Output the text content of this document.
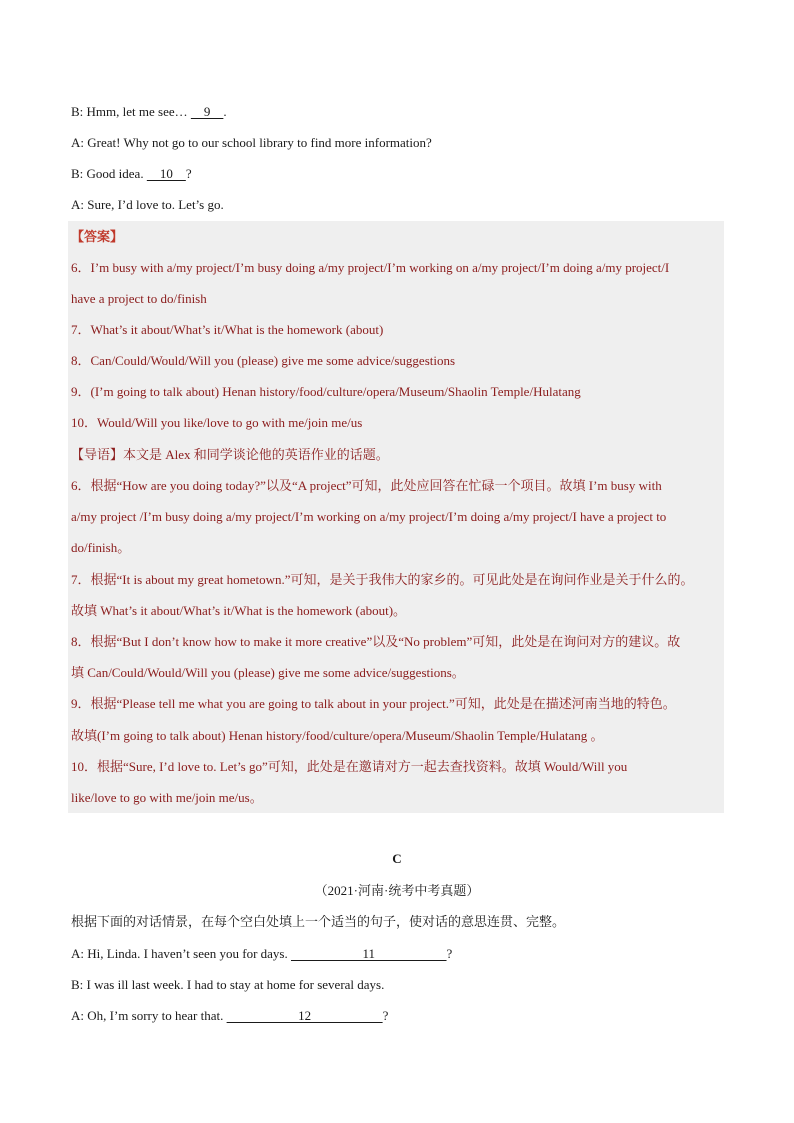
B: Hmm, let me see…     9    .
A: Great! Why not go to our school library to find more information?
B: Good idea.     10    ?
A: Sure, I’d love to. Let’s go.
【答案】
6．I’m busy with a/my project/I’m busy doing a/my project/I’m working on a/my project/I’m doing a/my project/I
have a project to do/finish
7．What’s it about/What’s it/What is the homework (about)
8．Can/Could/Would/Will you (please) give me some advice/suggestions
9．(I’m going to talk about) Henan history/food/culture/opera/Museum/Shaolin Temple/Hulatang
10．Would/Will you like/love to go with me/join me/us
【导语】本文是 Alex 和同学谈论他的英语作业的话题。
6．根据“How are you doing today?”以及“A project”可知，此处应回答在忙碌一个项目。故填 I’m busy with
a/my project /I’m busy doing a/my project/I’m working on a/my project/I’m doing a/my project/I have a project to
do/finish。
7．根据“It is about my great hometown.”可知，是关于我伟大的家乡的。可见此处是在询问作业是关于什么的。
故填 What’s it about/What’s it/What is the homework (about)。
8．根据“But I don’t know how to make it more creative”以及“No problem”可知，此处是在询问对方的建议。故
填 Can/Could/Would/Will you (please) give me some advice/suggestions。
9．根据“Please tell me what you are going to talk about in your project.”可知，此处是在描述河南当地的特色。
故填(I’m going to talk about) Henan history/food/culture/opera/Museum/Shaolin Temple/Hulatang 。
10．根据“Sure, I’d love to. Let’s go”可知，此处是在邀请对方一起去查找资料。故填 Would/Will you
like/love to go with me/join me/us。
C
（2021·河南·统考中考真题）
根据下面的对话情景，在每个空白处填上一个适当的句子，使对话的意思连贯、完整。
A: Hi, Linda. I haven’t seen you for days.                       11                      ?
B: I was ill last week. I had to stay at home for several days.
A: Oh, I’m sorry to hear that.                       12                      ?
